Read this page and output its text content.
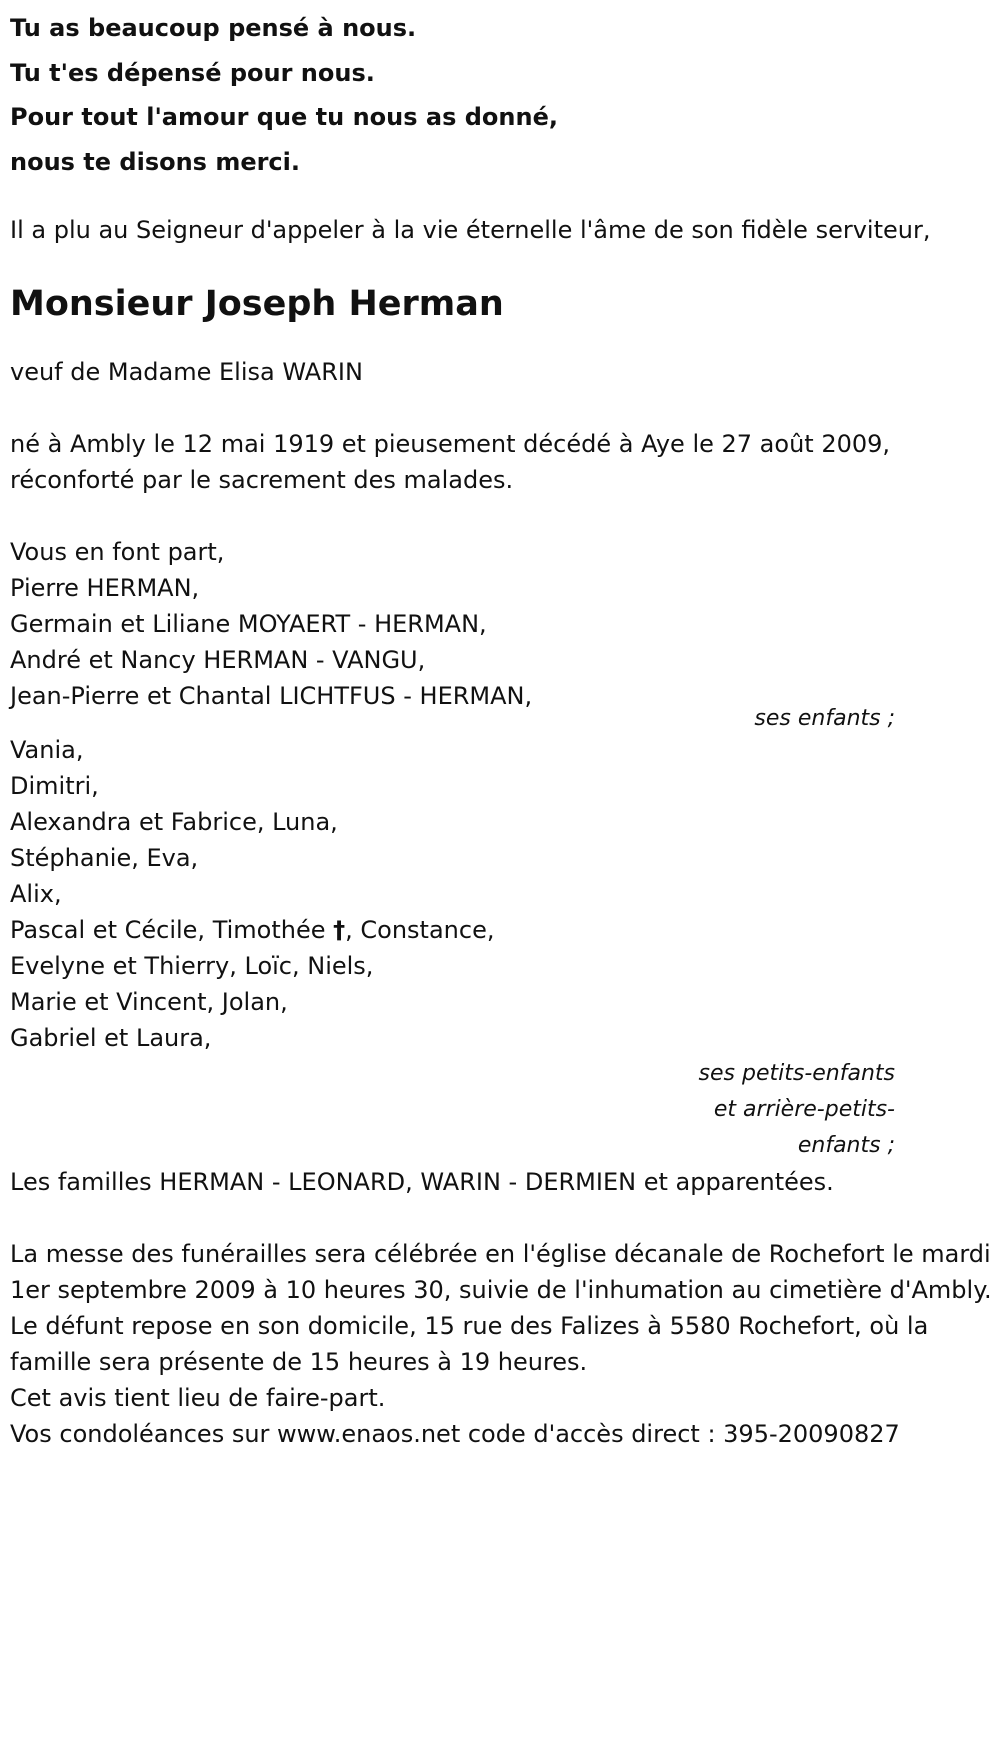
Tu as beaucoup pensé à nous.
Tu t'es dépensé pour nous.
Pour tout l'amour que tu nous as donné,
nous te disons merci.
Il a plu au Seigneur d'appeler à la vie éternelle l'âme de son fidèle serviteur,
Monsieur Joseph Herman
veuf de Madame Elisa WARIN
né à Ambly le 12 mai 1919 et pieusement décédé à Aye le 27 août 2009, réconforté par le sacrement des malades.
Vous en font part,
Pierre HERMAN,
Germain et Liliane MOYAERT - HERMAN,
André et Nancy HERMAN - VANGU,
Jean-Pierre et Chantal LICHTFUS - HERMAN,
ses enfants ;
Vania,
Dimitri,
Alexandra et Fabrice, Luna,
Stéphanie, Eva,
Alix,
Pascal et Cécile, Timothée †, Constance,
Evelyne et Thierry, Loïc, Niels,
Marie et Vincent, Jolan,
Gabriel et Laura,
ses petits-enfants
et arrière-petits-
enfants ;
Les familles HERMAN - LEONARD, WARIN - DERMIEN et apparentées.
La messe des funérailles sera célébrée en l'église décanale de Rochefort le mardi 1er septembre 2009 à 10 heures 30, suivie de l'inhumation au cimetière d'Ambly.
Le défunt repose en son domicile, 15 rue des Falizes à 5580 Rochefort, où la famille sera présente de 15 heures à 19 heures.
Cet avis tient lieu de faire-part.
Vos condoléances sur www.enaos.net code d'accès direct : 395-20090827
